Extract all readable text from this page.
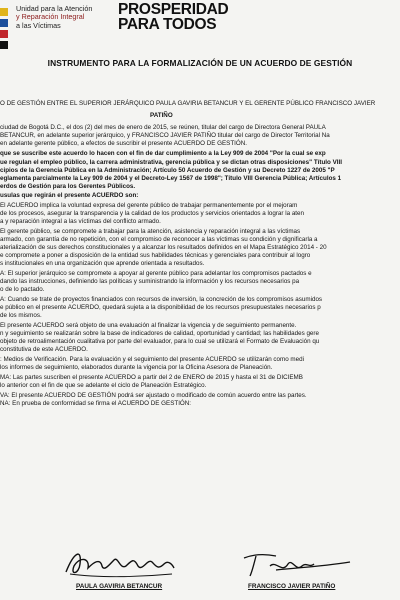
Unidad para la Atención
y Reparación Integral
a las Víctimas
PROSPERIDAD
PARA TODOS
INSTRUMENTO PARA LA FORMALIZACIÓN DE UN ACUERDO DE GESTIÓN
O DE GESTIÓN ENTRE EL SUPERIOR JERÁRQUICO PAULA GAVIRIA BETANCUR Y EL GERENTE PÚBLICO FRANCISCO JAVIER
PATIÑO
ciudad de Bogotá D.C., el dos (2) del mes de enero de 2015, se reúnen, titular del cargo de Directora General PAULA
BETANCUR, en adelante superior jerárquico, y FRANCISCO JAVIER PATIÑO titular del cargo de Director Territorial Na
en adelante gerente público, a efectos de suscribir el presente ACUERDO DE GESTIÓN.
que se suscribe este acuerdo lo hacen con el fin de dar cumplimiento a la Ley 909 de 2004 "Por la cual se exp
ue regulan el empleo público, la carrera administrativa, gerencia pública y se dictan otras disposiciones" Título VIII
cipios de la Gerencia Pública en la Administración; Artículo 50 Acuerdo de Gestión y su Decreto 1227 de 2005 "P
eglamenta parcialmente la Ley 909 de 2004 y el Decreto-Ley 1567 de 1998"; Título VIII Gerencia Pública; Artículos 1
erdos de Gestión para los Gerentes Públicos.
usulas que regirán el presente ACUERDO son:
El ACUERDO implica la voluntad expresa del gerente público de trabajar permanentemente por el mejoram
de los procesos, asegurar la transparencia y la calidad de los productos y servicios orientados a lograr la aten
a y reparación integral a las víctimas del conflicto armado.
El gerente público, se compromete a trabajar para la atención, asistencia y reparación integral a las víctimas
armado, con garantía de no repetición, con el compromiso de reconocer a las víctimas su condición y dignificarla a
aterialización de sus derechos constitucionales y a alcanzar los resultados definidos en el Mapa Estratégico 2014 - 20
e compromete a poner a disposición de la entidad sus habilidades técnicas y gerenciales para contribuir al logro
s institucionales en una organización que aprende orientada a resultados.
A: El superior jerárquico se compromete a apoyar al gerente público para adelantar los compromisos pactados e
dando las instrucciones, definiendo las políticas y suministrando la información y los recursos necesarios pa
o de lo pactado.
A: Cuando se trate de proyectos financiados con recursos de inversión, la concreción de los compromisos asumidos
e público en el presente ACUERDO, quedará sujeta a la disponibilidad de los recursos presupuestales necesarios p
de los mismos.
El presente ACUERDO será objeto de una evaluación al finalizar la vigencia y de seguimiento permanente.
n y seguimiento se realizarán sobre la base de indicadores de calidad, oportunidad y cantidad; las habilidades gere
objeto de retroalimentación cualitativa por parte del evaluador, para lo cual se utilizará el Formato de Evaluación qu
constitutiva de este ACUERDO.
: Medios de Verificación. Para la evaluación y el seguimiento del presente ACUERDO se utilizarán como medi
los informes de seguimiento, elaborados durante la vigencia por la Oficina Asesora de Planeación.
MA: Las partes suscriben el presente ACUERDO a partir del 2 de ENERO de 2015 y hasta el 31 de DICIEMB
lo anterior con el fin de que se adelante el ciclo de Planeación Estratégico.
VA: El presente ACUERDO DE GESTIÓN podrá ser ajustado o modificado de común acuerdo entre las partes.
NA: En prueba de conformidad se firma el ACUERDO DE GESTIÓN:
PAULA GAVIRIA BETANCUR	FRANCISCO JAVIER PATIÑO
